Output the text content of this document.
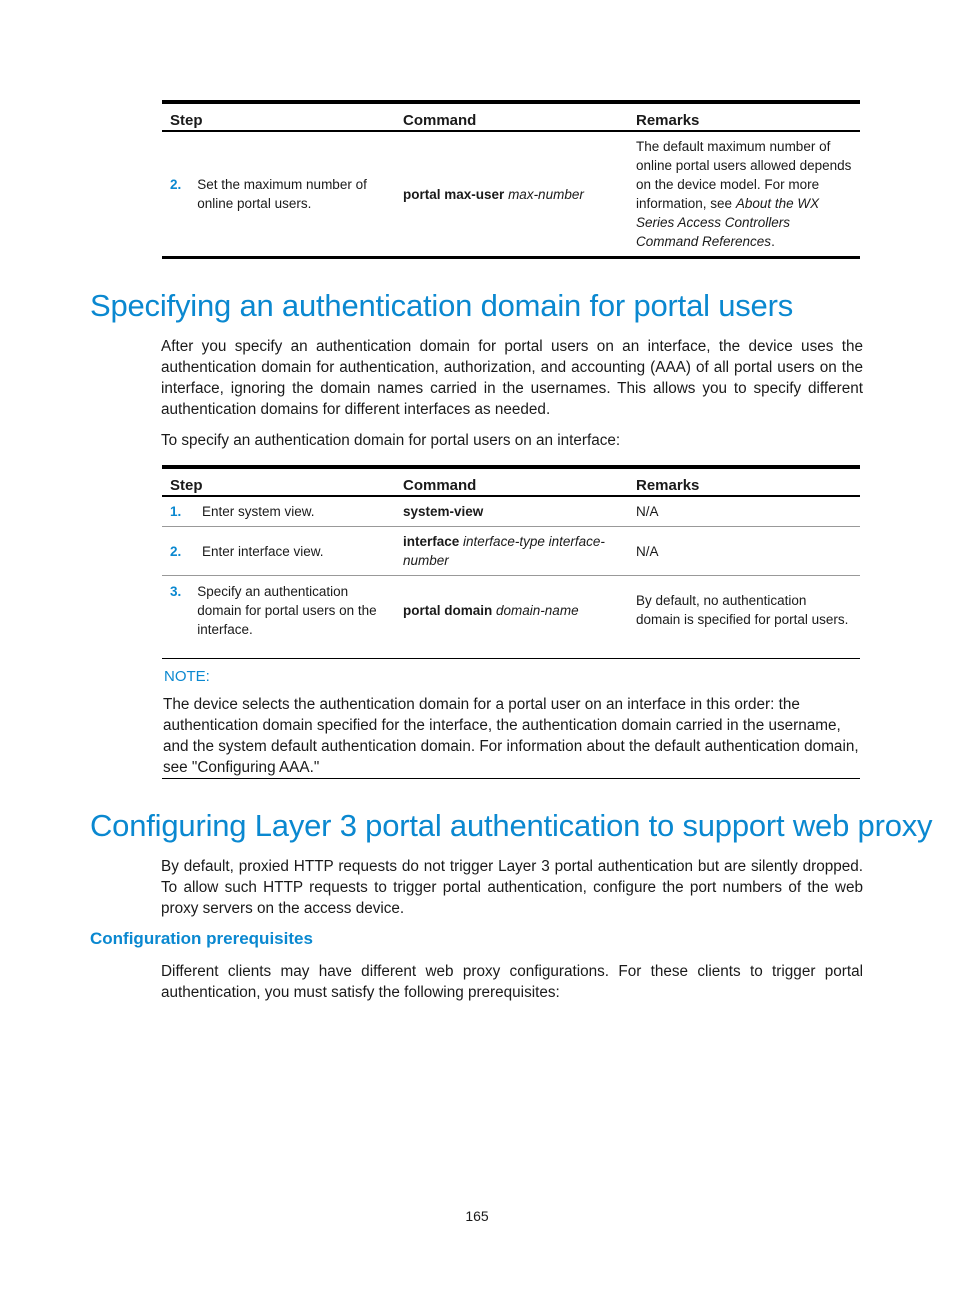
Step	Command	Remarks

2. Set the maximum number of online portal users.	portal max-user max-number	The default maximum number of online portal users allowed depends on the device model. For more information, see About the WX Series Access Controllers Command References.
Specifying an authentication domain for portal users

After you specify an authentication domain for portal users on an interface, the device uses the authentication domain for authentication, authorization, and accounting (AAA) of all portal users on the interface, ignoring the domain names carried in the usernames. This allows you to specify different authentication domains for different interfaces as needed.

To specify an authentication domain for portal users on an interface:

Step	Command	Remarks

1. Enter system view.	system-view	N/A

2. Enter interface view.	interface interface-type interface-number	N/A

3. Specify an authentication domain for portal users on the interface.	portal domain domain-name	By default, no authentication domain is specified for portal users.
NOTE:
The device selects the authentication domain for a portal user on an interface in this order: the authentication domain specified for the interface, the authentication domain carried in the username, and the system default authentication domain. For information about the default authentication domain, see "Configuring AAA."
Configuring Layer 3 portal authentication to support web proxy

By default, proxied HTTP requests do not trigger Layer 3 portal authentication but are silently dropped. To allow such HTTP requests to trigger portal authentication, configure the port numbers of the web proxy servers on the access device.

Configuration prerequisites

Different clients may have different web proxy configurations. For these clients to trigger portal authentication, you must satisfy the following prerequisites:

165
